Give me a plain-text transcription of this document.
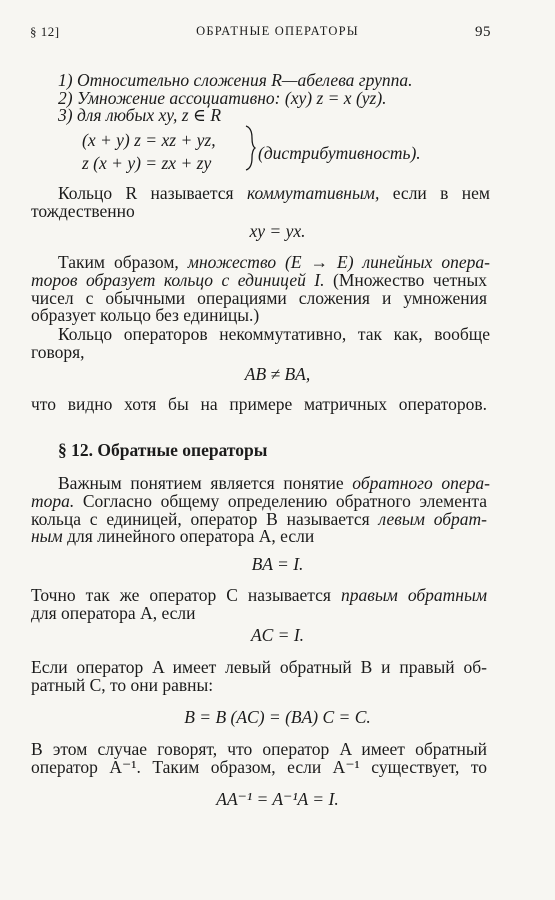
ОБРАТНЫЕ ОПЕРАТОРЫ
§ 12]	95
1) Относительно сложения R—абелева группа.
2) Умножение ассоциативно: (xy) z = x (yz).
3) для любых xy, z ∈ R
(x + y) z = xz + yz,
z (x + y) = zx + zy	(дистрибутивность).
Кольцо R называется коммутативным, если в нем
тождественно
xy = yx.
Таким образом, множество (E → E) линейных опера-
торов образует кольцо с единицей I. (Множество четных
чисел с обычными операциями сложения и умножения
образует кольцо без единицы.)
Кольцо операторов некоммутативно, так как, вообще
говоря,
AB ≠ BA,
что видно хотя бы на примере матричных операторов.
§ 12. Обратные операторы
Важным понятием является понятие обратного опера-
тора. Согласно общему определению обратного элемента
кольца с единицей, оператор B называется левым обрат-
ным для линейного оператора A, если
BA = I.
Точно так же оператор C называется правым обратным
для оператора A, если
AC = I.
Если оператор A имеет левый обратный B и правый об-
ратный C, то они равны:
B = B (AC) = (BA) C = C.
В этом случае говорят, что оператор A имеет обратный
оператор A⁻¹. Таким образом, если A⁻¹ существует, то
AA⁻¹ = A⁻¹A = I.
